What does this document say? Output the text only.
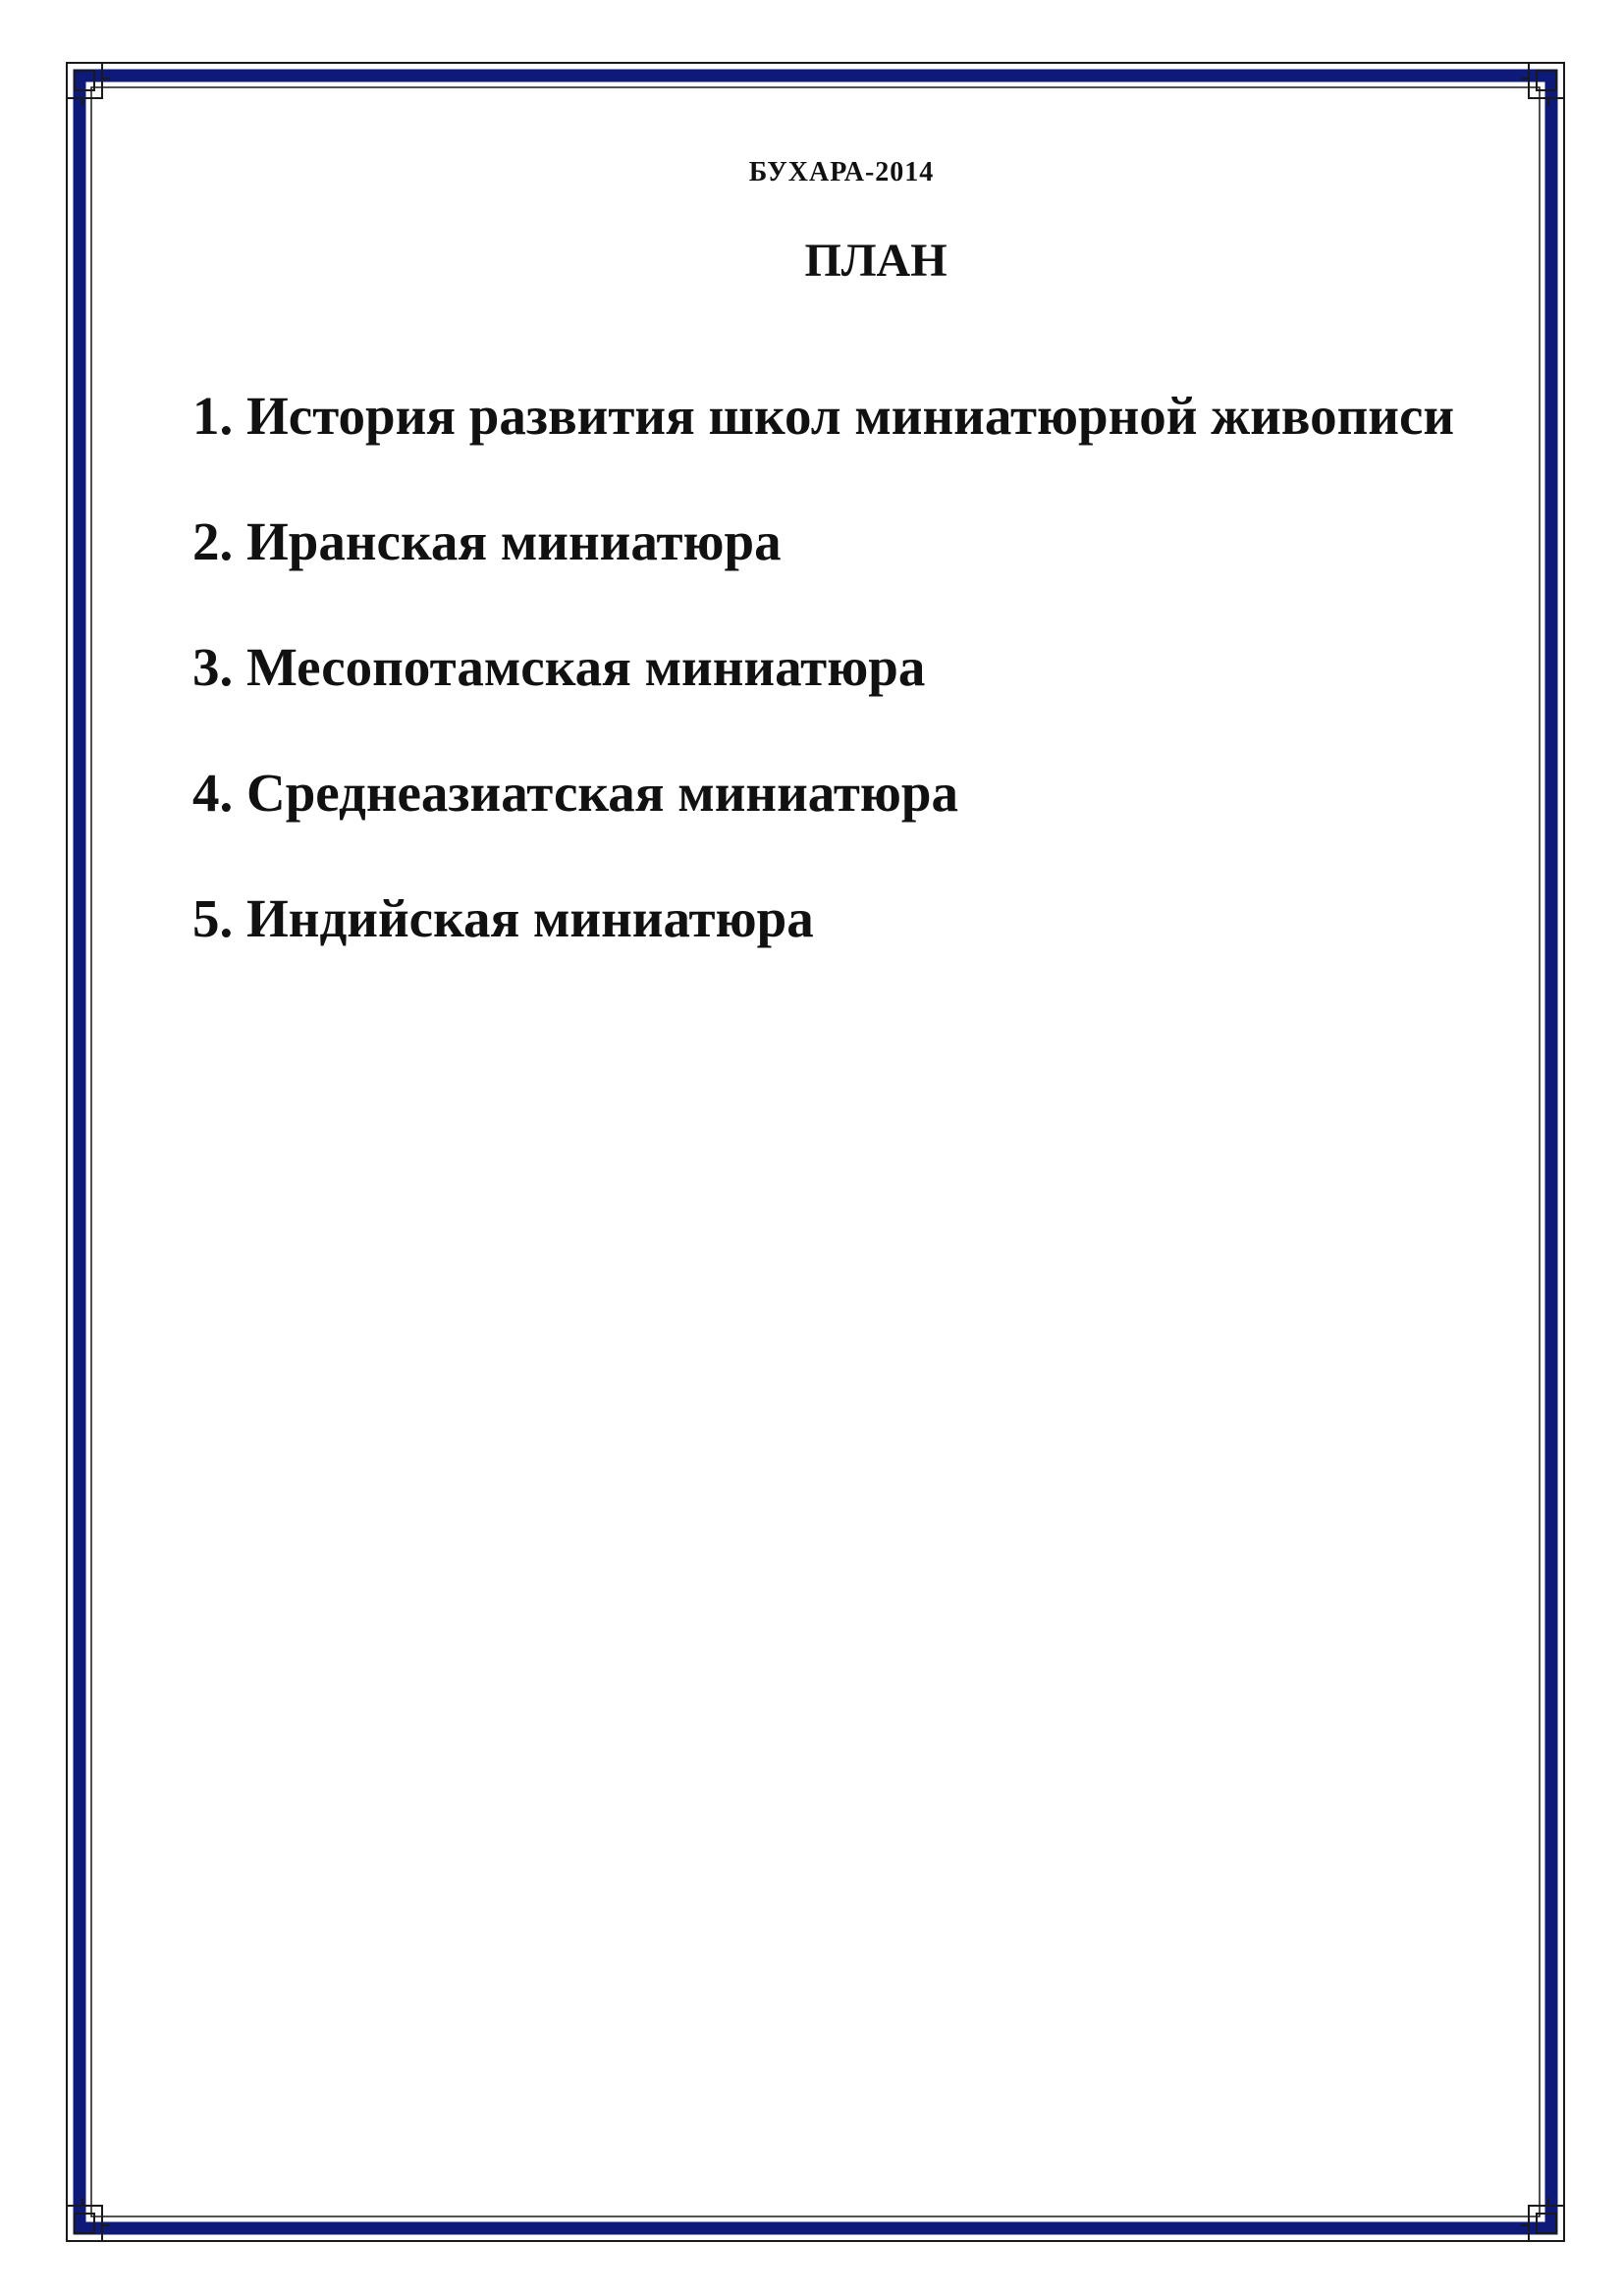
БУХАРА-2014
ПЛАН
1. История развития школ миниатюрной живописи
2. Иранская миниатюра
3. Месопотамская миниатюра
4. Среднеазиатская миниатюра
5. Индийская миниатюра
